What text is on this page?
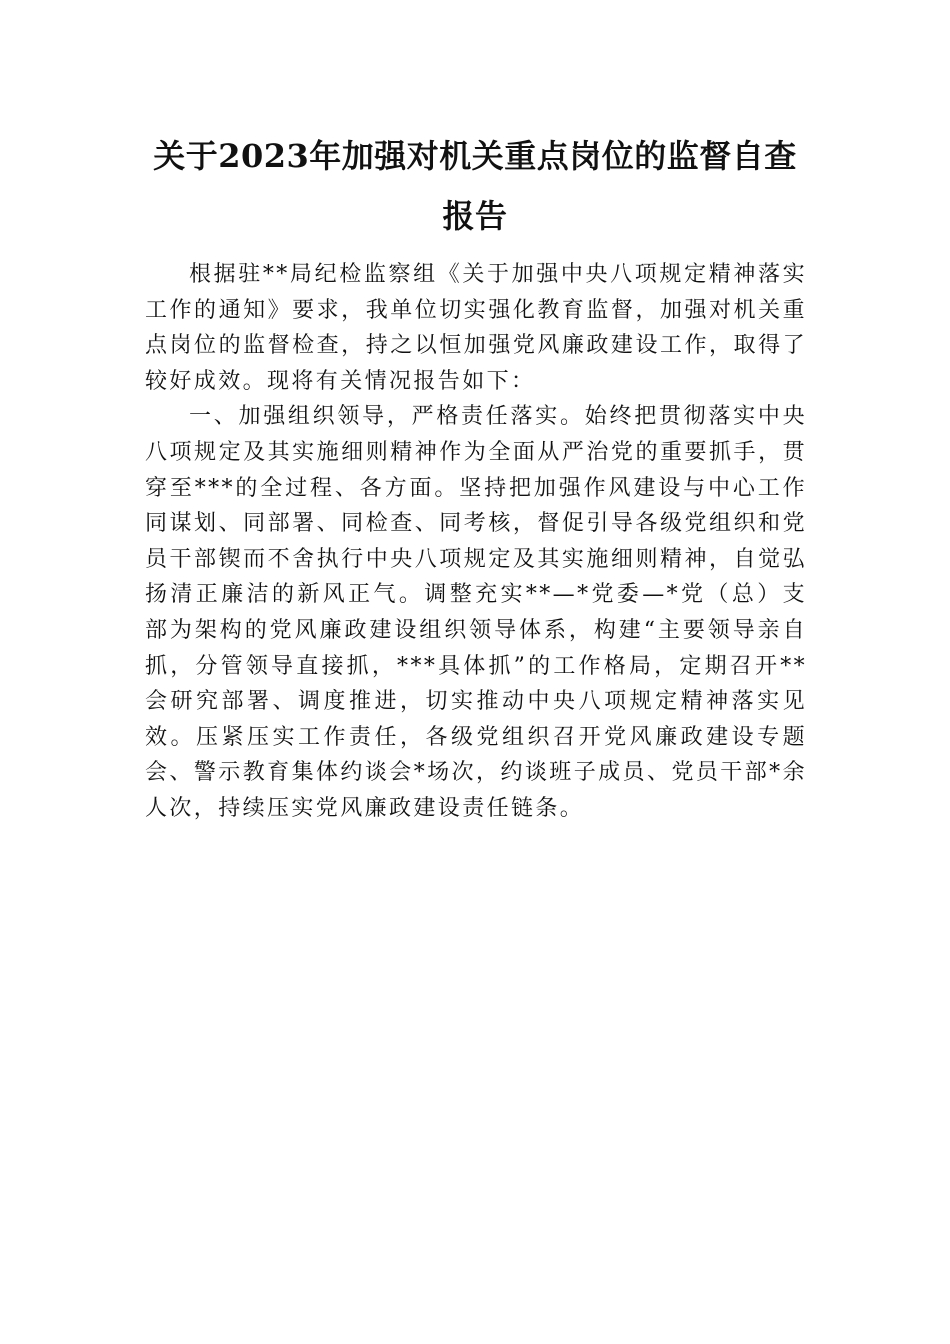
关于2023年加强对机关重点岗位的监督自查报告

根据驻**局纪检监察组《关于加强中央八项规定精神落实工作的通知》要求，我单位切实强化教育监督，加强对机关重点岗位的监督检查，持之以恒加强党风廉政建设工作，取得了较好成效。现将有关情况报告如下：

一、加强组织领导，严格责任落实。始终把贯彻落实中央八项规定及其实施细则精神作为全面从严治党的重要抓手，贯穿至***的全过程、各方面。坚持把加强作风建设与中心工作同谋划、同部署、同检查、同考核，督促引导各级党组织和党员干部锲而不舍执行中央八项规定及其实施细则精神，自觉弘扬清正廉洁的新风正气。调整充实**—*党委—*党（总）支部为架构的党风廉政建设组织领导体系，构建“主要领导亲自抓，分管领导直接抓，***具体抓”的工作格局，定期召开**会研究部署、调度推进，切实推动中央八项规定精神落实见效。压紧压实工作责任，各级党组织召开党风廉政建设专题会、警示教育集体约谈会*场次，约谈班子成员、党员干部*余人次，持续压实党风廉政建设责任链条。
